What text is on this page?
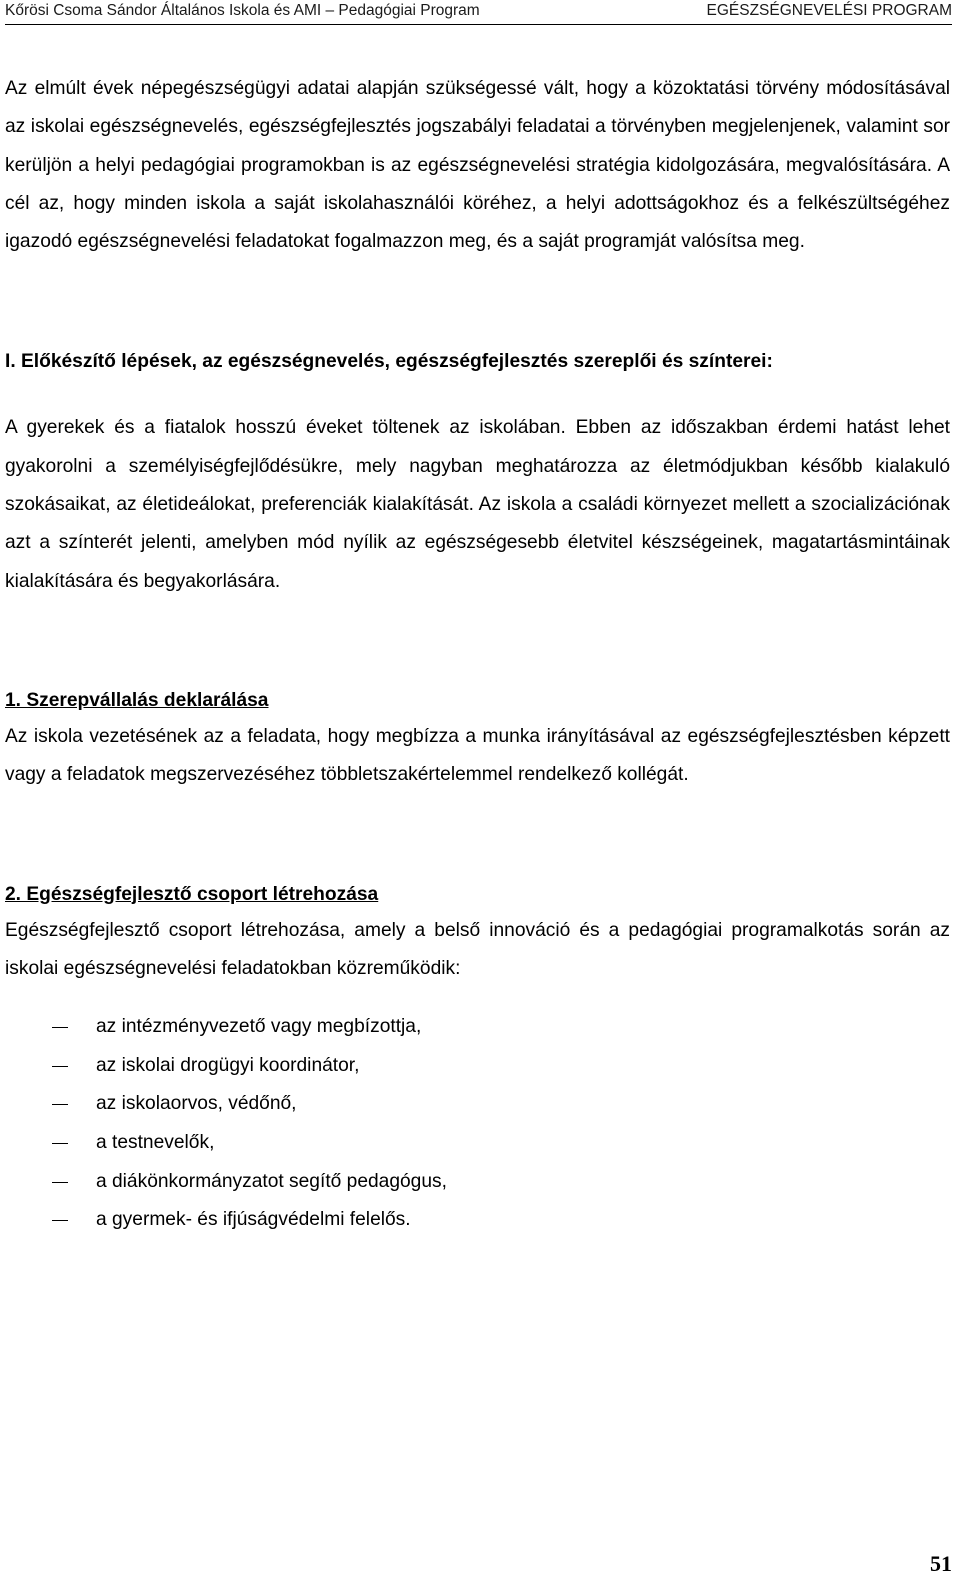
Kőrösi Csoma Sándor Általános Iskola és AMI – Pedagógiai Program	EGÉSZSÉGNEVELÉSI PROGRAM

Az elmúlt évek népegészségügyi adatai alapján szükségessé vált, hogy a közoktatási törvény módosításával az iskolai egészségnevelés, egészségfejlesztés jogszabályi feladatai a törvényben megjelenjenek, valamint sor kerüljön a helyi pedagógiai programokban is az egészségnevelési stratégia kidolgozására, megvalósítására. A cél az, hogy minden iskola a saját iskolahasználói köréhez, a helyi adottságokhoz és a felkészültségéhez igazodó egészségnevelési feladatokat fogalmazzon meg, és a saját programját valósítsa meg.

I. Előkészítő lépések, az egészségnevelés, egészségfejlesztés szereplői és színterei:

A gyerekek és a fiatalok hosszú éveket töltenek az iskolában. Ebben az időszakban érdemi hatást lehet gyakorolni a személyiségfejlődésükre, mely nagyban meghatározza az életmódjukban később kialakuló szokásaikat, az életideálokat, preferenciák kialakítását. Az iskola a családi környezet mellett a szocializációnak azt a színterét jelenti, amelyben mód nyílik az egészségesebb életvitel készségeinek, magatartásmintáinak kialakítására és begyakorlására.

1. Szerepvállalás deklarálása

Az iskola vezetésének az a feladata, hogy megbízza a munka irányításával az egészségfejlesztésben képzett vagy a feladatok megszervezéséhez többletszakértelemmel rendelkező kollégát.

2. Egészségfejlesztő csoport létrehozása

Egészségfejlesztő csoport létrehozása, amely a belső innováció és a pedagógiai programalkotás során az iskolai egészségnevelési feladatokban közreműködik:

az intézményvezető vagy megbízottja,
az iskolai drogügyi koordinátor,
az iskolaorvos, védőnő,
a testnevelők,
a diákönkormányzatot segítő pedagógus,
a gyermek- és ifjúságvédelmi felelős.
51
